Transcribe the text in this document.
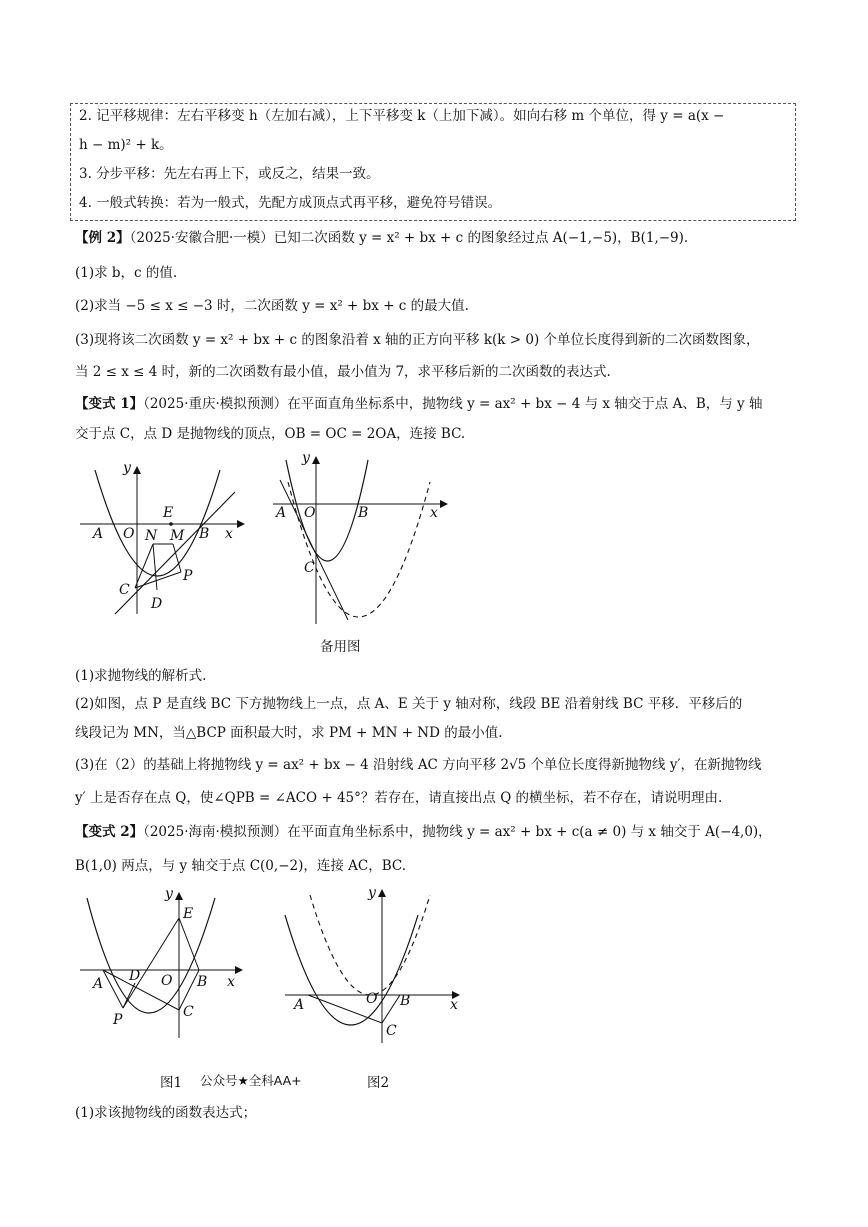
2. 记平移规律：左右平移变 h（左加右减），上下平移变 k（上加下减）。如向右移 m 个单位，得 y = a(x −
h − m)² + k。
3. 分步平移：先左右再上下，或反之，结果一致。
4. 一般式转换：若为一般式，先配方成顶点式再平移，避免符号错误。
【例 2】（2025·安徽合肥·一模）已知二次函数 y = x² + bx + c 的图象经过点 A(−1,−5)，B(1,−9).
(1)求 b，c 的值.
(2)求当 −5 ≤ x ≤ −3 时，二次函数 y = x² + bx + c 的最大值.
(3)现将该二次函数 y = x² + bx + c 的图象沿着 x 轴的正方向平移 k(k > 0) 个单位长度得到新的二次函数图象，
当 2 ≤ x ≤ 4 时，新的二次函数有最小值，最小值为 7，求平移后新的二次函数的表达式.
【变式 1】（2025·重庆·模拟预测）在平面直角坐标系中，抛物线 y = ax² + bx − 4 与 x 轴交于点 A、B，与 y 轴
交于点 C，点 D 是抛物线的顶点，OB = OC = 2OA，连接 BC.
y
E
A O N M B x
C
P
D
y
A O	B	x
C
备用图
(1)求抛物线的解析式.
(2)如图，点 P 是直线 BC 下方抛物线上一点，点 A、E 关于 y 轴对称，线段 BE 沿着射线 BC 平移．平移后的
线段记为 MN，当△BCP 面积最大时，求 PM + MN + ND 的最小值.
(3)在（2）的基础上将抛物线 y = ax² + bx − 4 沿射线 AC 方向平移 2√5 个单位长度得新抛物线 y′，在新抛物线
y′ 上是否存在点 Q，使∠QPB = ∠ACO + 45°？若存在，请直接出点 Q 的横坐标，若不存在，请说明理由.
【变式 2】（2025·海南·模拟预测）在平面直角坐标系中，抛物线 y = ax² + bx + c(a ≠ 0) 与 x 轴交于 A(−4,0)，
B(1,0) 两点，与 y 轴交于点 C(0,−2)，连接 AC，BC.
y
E
D O
A	B x
P	C
y
A	O B	x
C
图1 公众号★全科AA+	图2
(1)求该抛物线的函数表达式；
